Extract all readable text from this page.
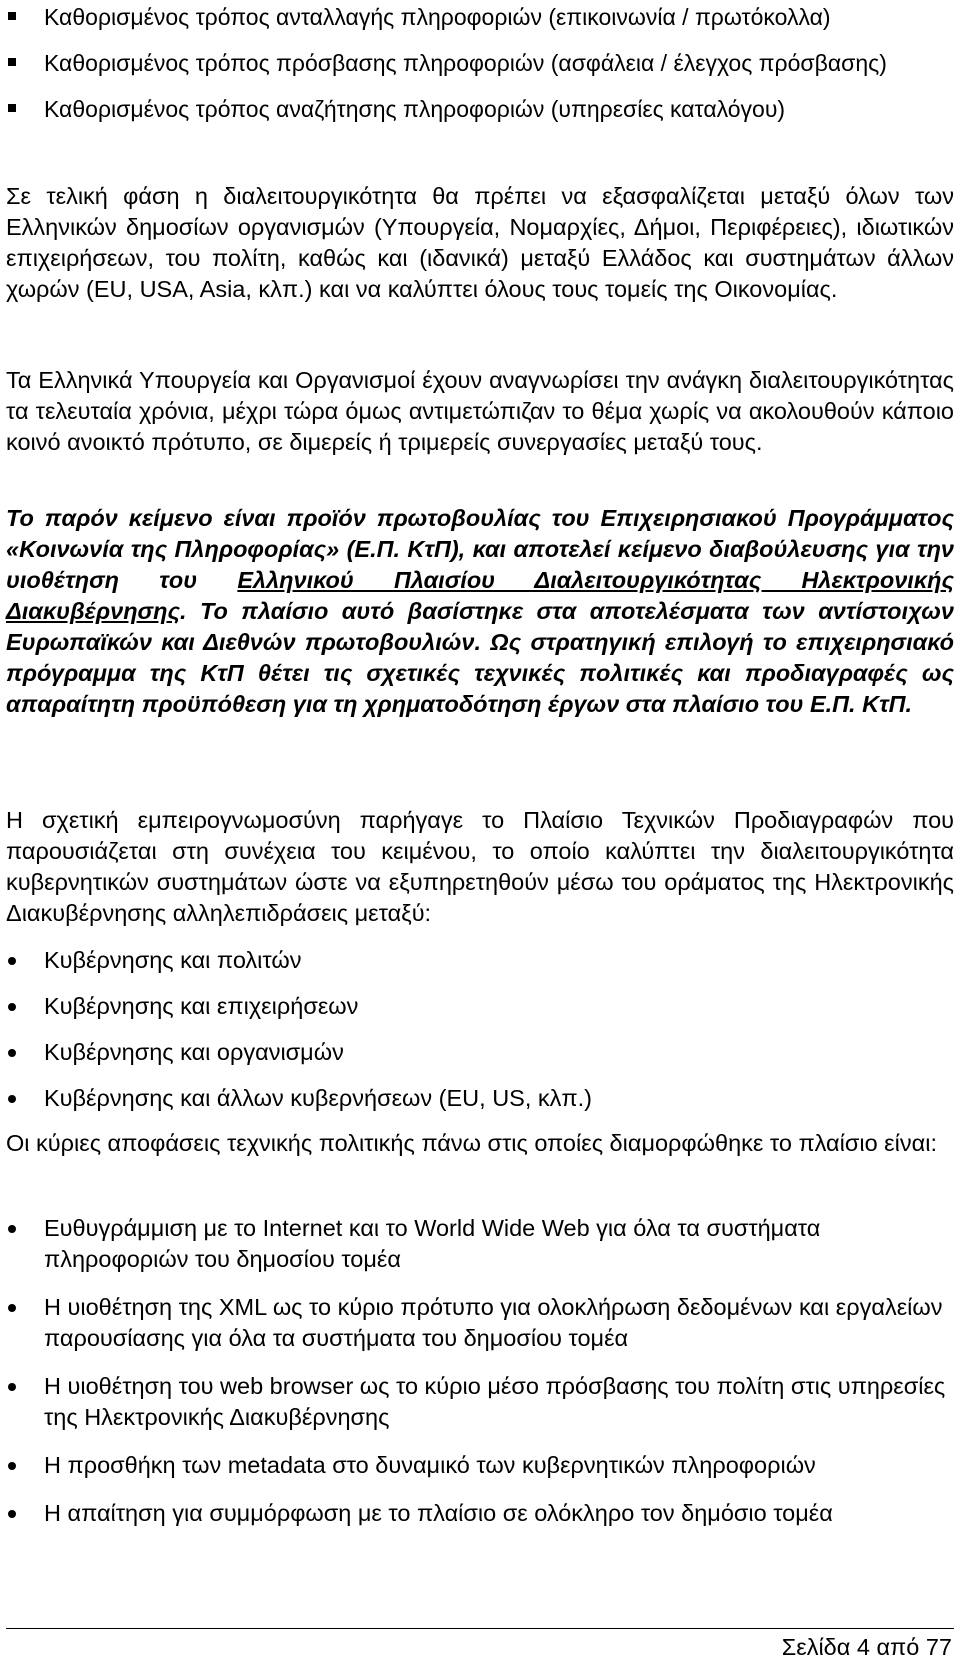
Καθορισμένος τρόπος ανταλλαγής πληροφοριών (επικοινωνία / πρωτόκολλα)
Καθορισμένος τρόπος πρόσβασης πληροφοριών (ασφάλεια / έλεγχος πρόσβασης)
Καθορισμένος τρόπος αναζήτησης πληροφοριών (υπηρεσίες καταλόγου)

Σε τελική φάση η διαλειτουργικότητα θα πρέπει να εξασφαλίζεται μεταξύ όλων των Ελληνικών δημοσίων οργανισμών (Υπουργεία, Νομαρχίες, Δήμοι, Περιφέρειες), ιδιωτικών επιχειρήσεων, του πολίτη, καθώς και (ιδανικά) μεταξύ Ελλάδος και συστημάτων άλλων χωρών (EU, USA, Asia, κλπ.) και να καλύπτει όλους τους τομείς της Οικονομίας.

Τα Ελληνικά Υπουργεία και Οργανισμοί έχουν αναγνωρίσει την ανάγκη διαλειτουργικότητας τα τελευταία χρόνια, μέχρι τώρα όμως αντιμετώπιζαν το θέμα χωρίς να ακολουθούν κάποιο κοινό ανοικτό πρότυπο, σε διμερείς ή τριμερείς συνεργασίες μεταξύ τους.

Το παρόν κείμενο είναι προϊόν πρωτοβουλίας του Επιχειρησιακού Προγράμματος «Κοινωνία της Πληροφορίας» (Ε.Π. ΚτΠ), και αποτελεί κείμενο διαβούλευσης για την υιοθέτηση του Ελληνικού Πλαισίου Διαλειτουργικότητας Ηλεκτρονικής Διακυβέρνησης. Το πλαίσιο αυτό βασίστηκε στα αποτελέσματα των αντίστοιχων Ευρωπαϊκών και Διεθνών πρωτοβουλιών. Ως στρατηγική επιλογή το επιχειρησιακό πρόγραμμα της ΚτΠ θέτει τις σχετικές τεχνικές πολιτικές και προδιαγραφές ως απαραίτητη προϋπόθεση για τη χρηματοδότηση έργων στα πλαίσιο του Ε.Π. ΚτΠ.

Η σχετική εμπειρογνωμοσύνη παρήγαγε το Πλαίσιο Τεχνικών Προδιαγραφών που παρουσιάζεται στη συνέχεια του κειμένου, το οποίο καλύπτει την διαλειτουργικότητα κυβερνητικών συστημάτων ώστε να εξυπηρετηθούν μέσω του οράματος της Ηλεκτρονικής Διακυβέρνησης αλληλεπιδράσεις μεταξύ:

Κυβέρνησης και πολιτών
Κυβέρνησης και επιχειρήσεων
Κυβέρνησης και οργανισμών
Κυβέρνησης και άλλων κυβερνήσεων (EU, US, κλπ.)

Οι κύριες αποφάσεις τεχνικής πολιτικής πάνω στις οποίες διαμορφώθηκε το πλαίσιο είναι:

Ευθυγράμμιση με το Internet και το World Wide Web για όλα τα συστήματα πληροφοριών του δημοσίου τομέα
Η υιοθέτηση της XML ως το κύριο πρότυπο για ολοκλήρωση δεδομένων και εργαλείων παρουσίασης για όλα τα συστήματα του δημοσίου τομέα
Η υιοθέτηση του web browser ως το κύριο μέσο πρόσβασης του πολίτη στις υπηρεσίες της Ηλεκτρονικής Διακυβέρνησης
Η προσθήκη των metadata στο δυναμικό των κυβερνητικών πληροφοριών
Η απαίτηση για συμμόρφωση με το πλαίσιο σε ολόκληρο τον δημόσιο τομέα
Σελίδα 4 από 77
